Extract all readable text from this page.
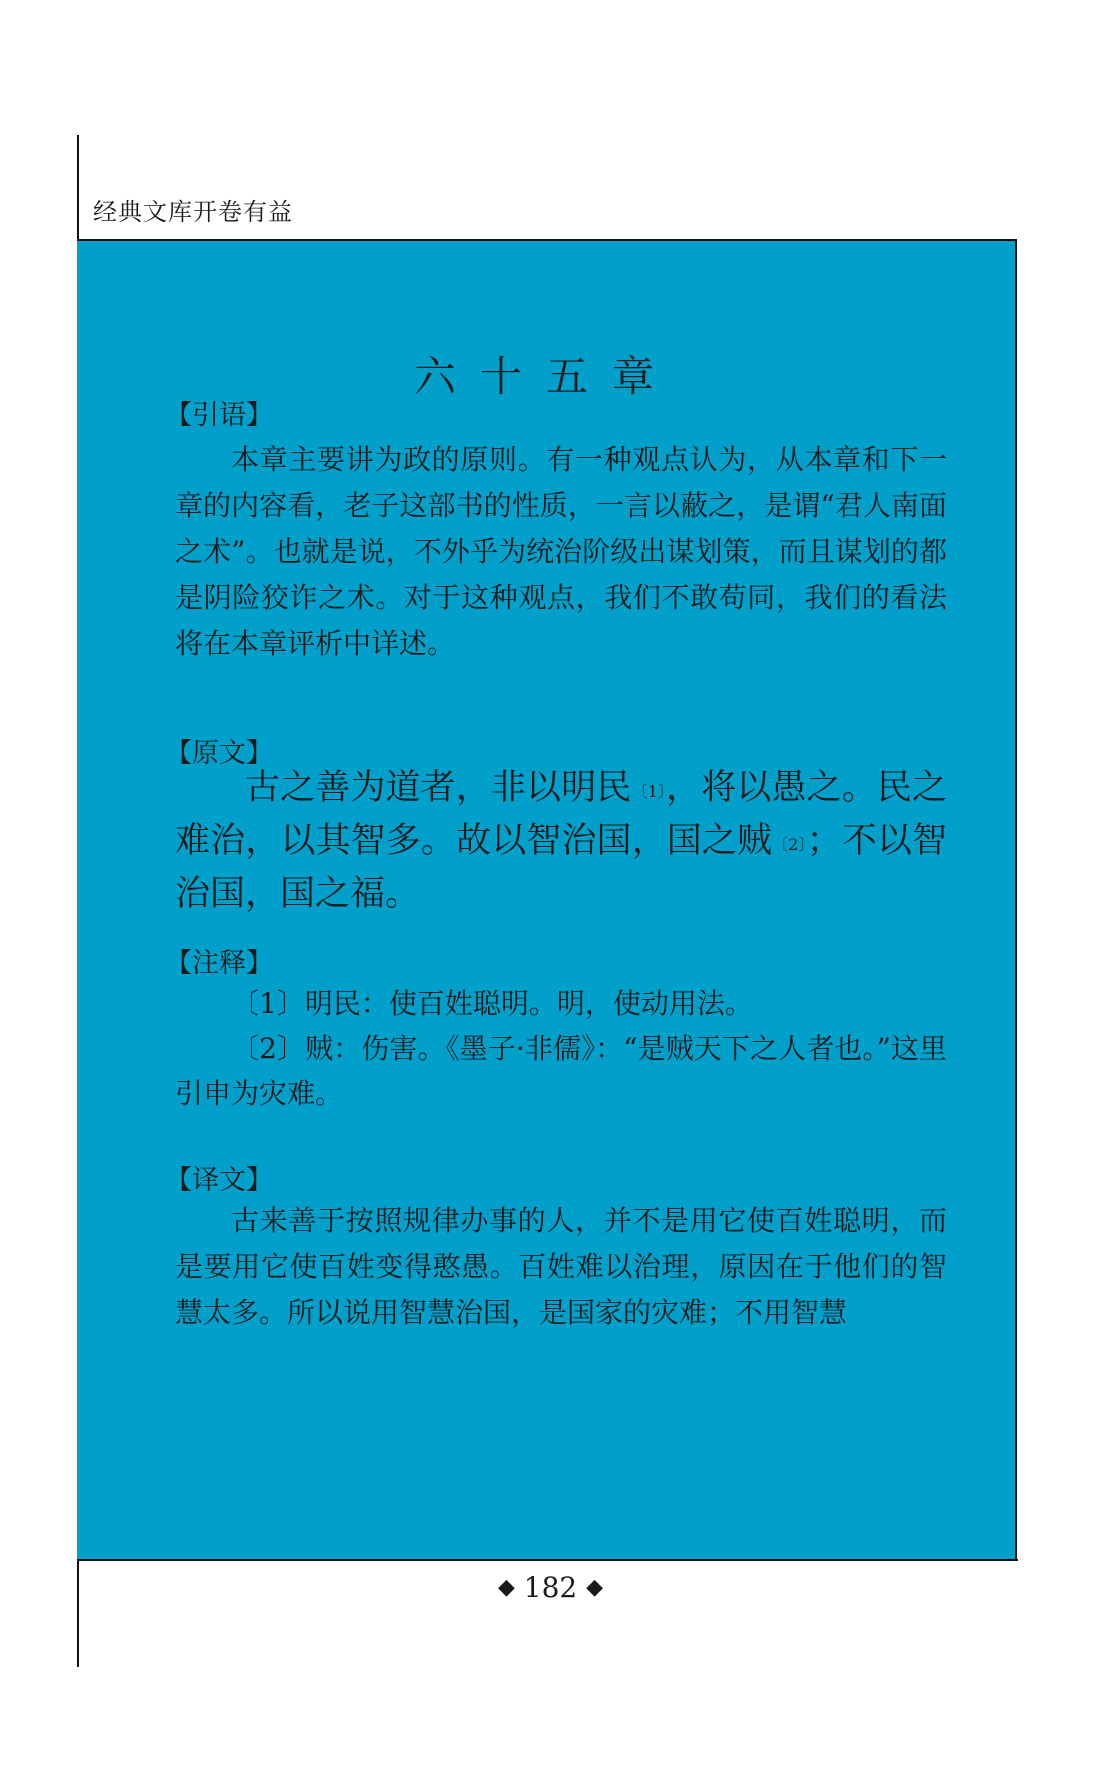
经典文库开卷有益
六十五章
【引语】

本章主要讲为政的原则。有一种观点认为，从本章和下一章的内容看，老子这部书的性质，一言以蔽之，是谓“君人南面之术”。也就是说，不外乎为统治阶级出谋划策，而且谋划的都是阴险狡诈之术。对于这种观点，我们不敢苟同，我们的看法将在本章评析中详述。

【原文】

古之善为道者，非以明民$^{〔1〕}$，将以愚之。民之难治，以其智多。故以智治国，国之贼$^{〔2〕}$；不以智治国，国之福。

【注释】

〔1〕明民：使百姓聪明。明，使动用法。

〔2〕贼：伤害。《墨子·非儒》：“是贼天下之人者也。”这里引申为灾难。

【译文】

古来善于按照规律办事的人，并不是用它使百姓聪明，而是要用它使百姓变得憨愚。百姓难以治理，原因在于他们的智慧太多。所以说用智慧治国，是国家的灾难；不用智慧

◆ 182 ◆
